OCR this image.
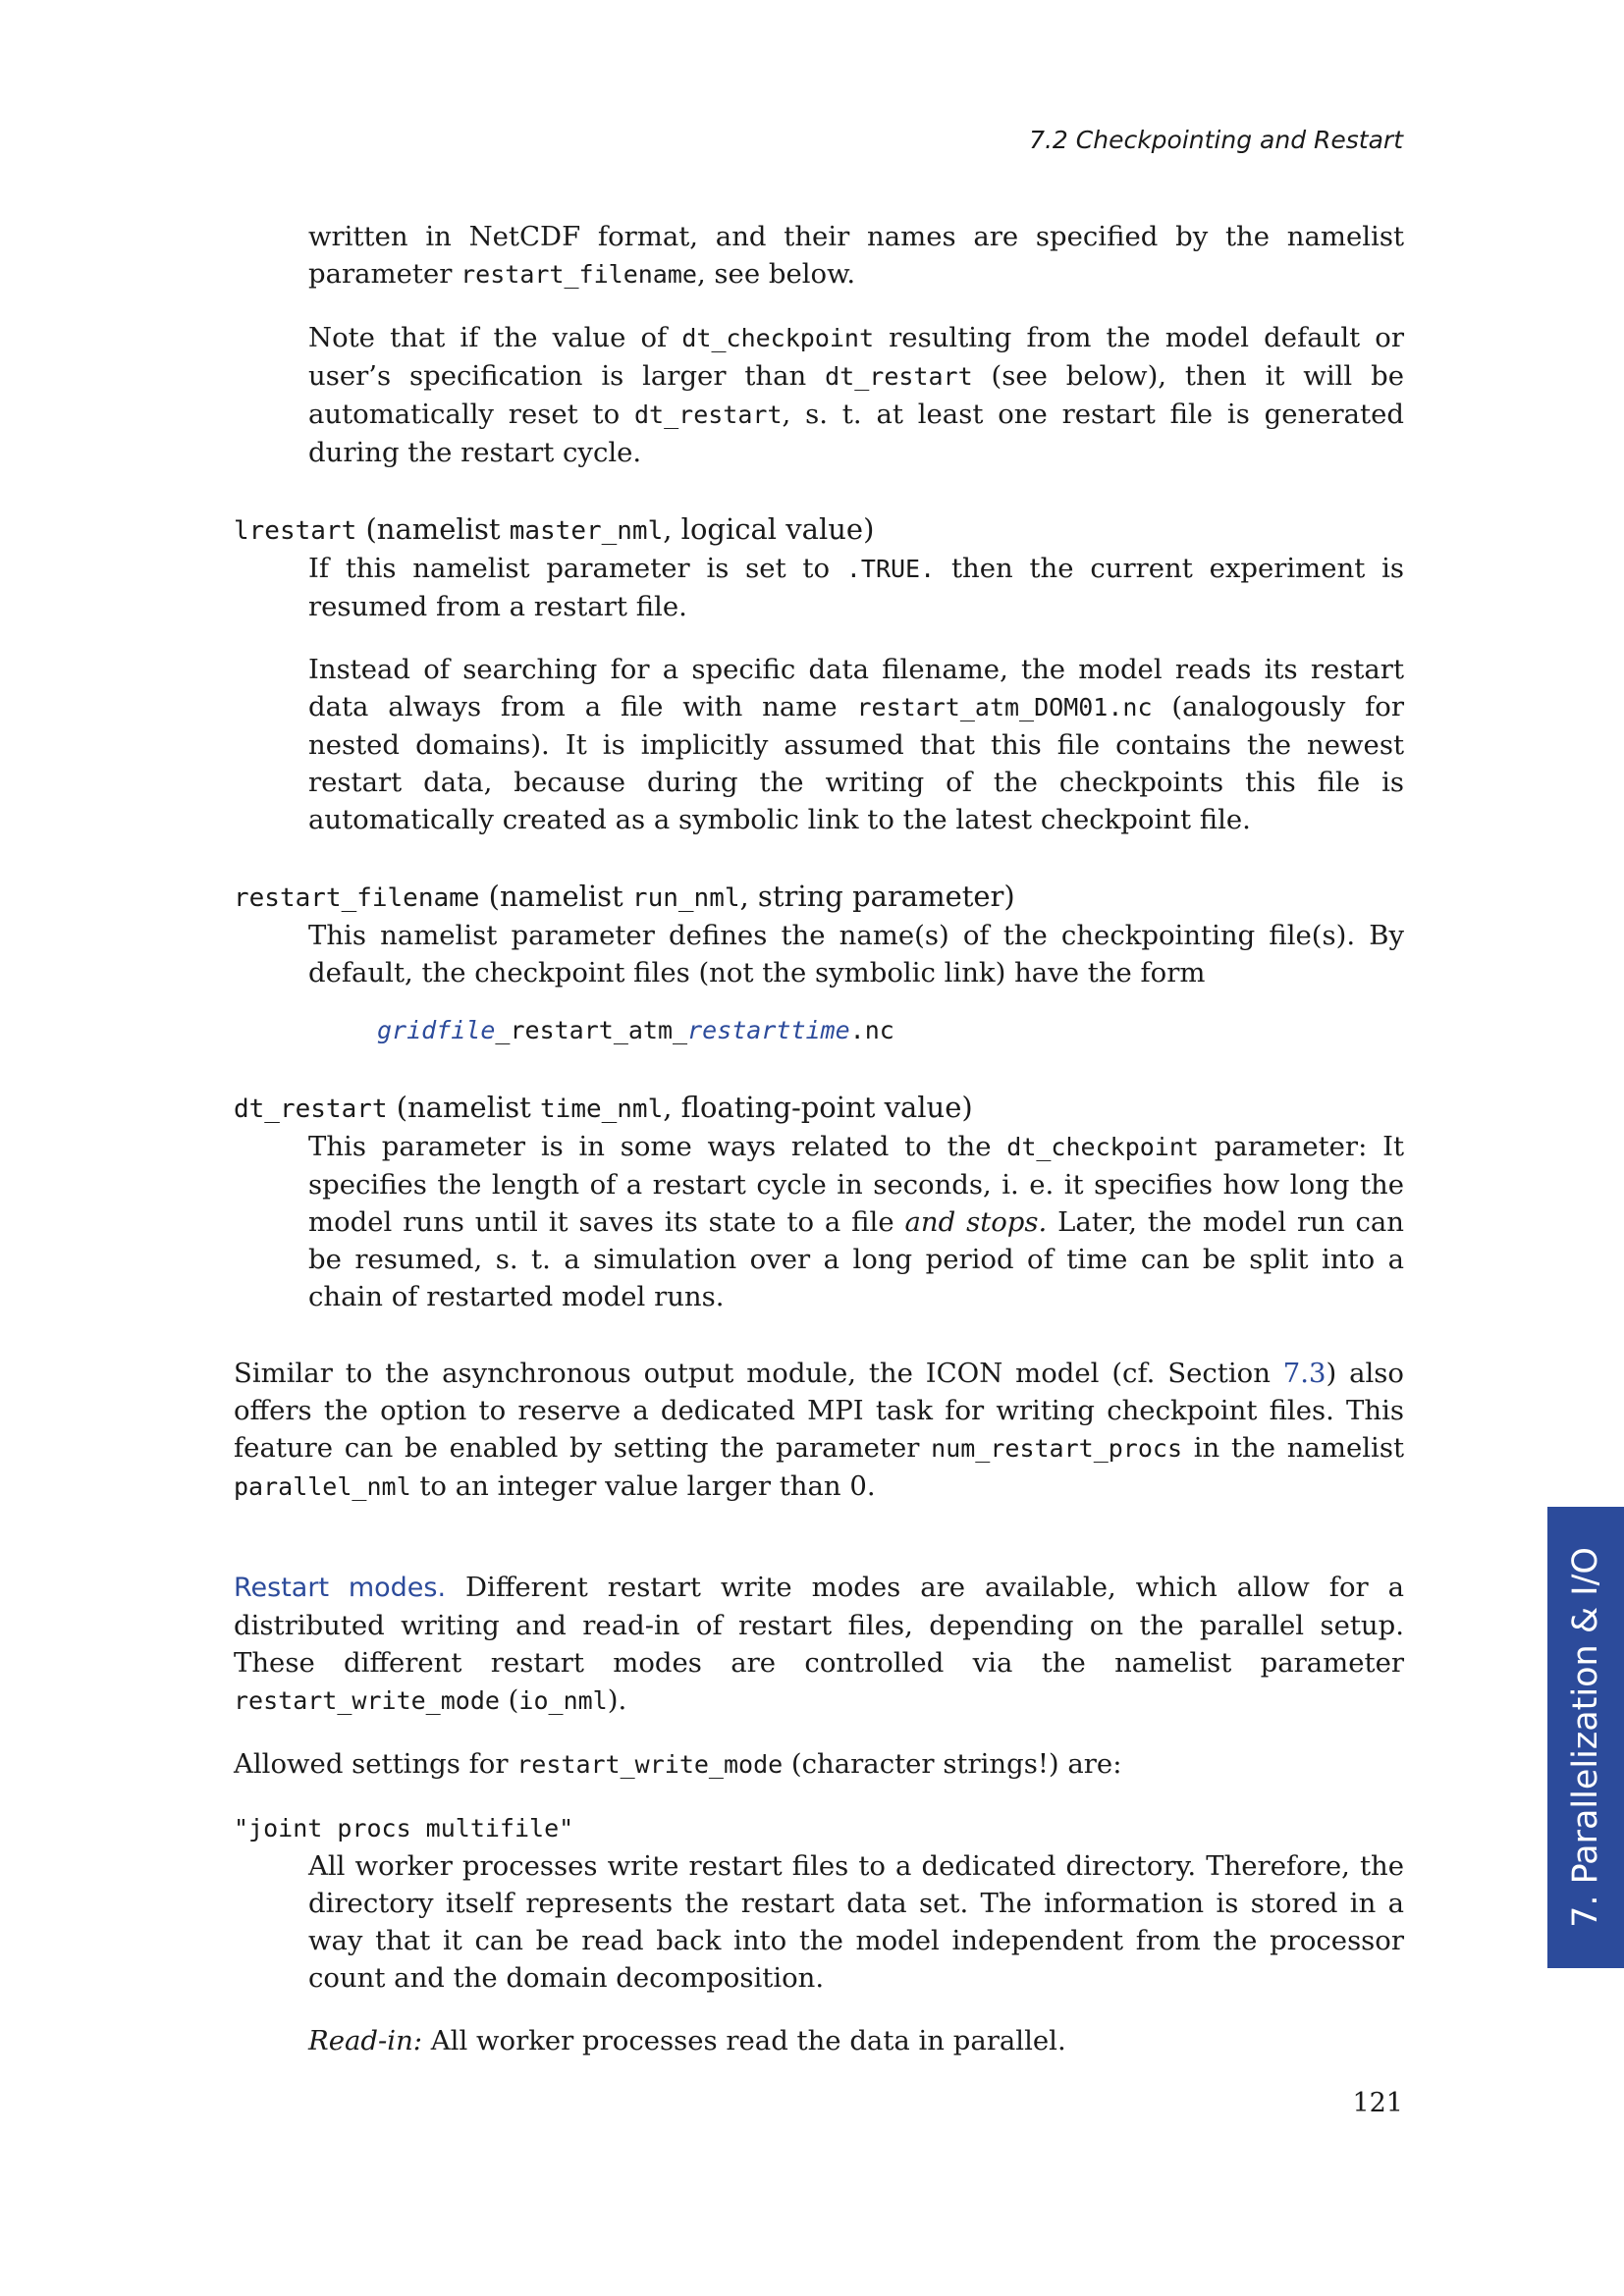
7.2 Checkpointing and Restart

written in NetCDF format, and their names are specified by the namelist parameter restart_filename, see below.

Note that if the value of dt_checkpoint resulting from the model default or user’s specification is larger than dt_restart (see below), then it will be automatically reset to dt_restart, s. t. at least one restart file is generated during the restart cycle.

lrestart (namelist master_nml, logical value)

If this namelist parameter is set to .TRUE. then the current experiment is resumed from a restart file.

Instead of searching for a specific data filename, the model reads its restart data always from a file with name restart_atm_DOM01.nc (analogously for nested domains). It is implicitly assumed that this file contains the newest restart data, because during the writing of the checkpoints this file is automatically created as a symbolic link to the latest checkpoint file.

restart_filename (namelist run_nml, string parameter)

This namelist parameter defines the name(s) of the checkpointing file(s). By default, the checkpoint files (not the symbolic link) have the form

gridfile_restart_atm_restarttime.nc

dt_restart (namelist time_nml, floating-point value)

This parameter is in some ways related to the dt_checkpoint parameter: It specifies the length of a restart cycle in seconds, i. e. it specifies how long the model runs until it saves its state to a file and stops. Later, the model run can be resumed, s. t. a simulation over a long period of time can be split into a chain of restarted model runs.

Similar to the asynchronous output module, the ICON model (cf. Section 7.3) also offers the option to reserve a dedicated MPI task for writing checkpoint files. This feature can be enabled by setting the parameter num_restart_procs in the namelist parallel_nml to an integer value larger than 0.

Restart modes. Different restart write modes are available, which allow for a distributed writing and read-in of restart files, depending on the parallel setup. These different restart modes are controlled via the namelist parameter restart_write_mode (io_nml).

Allowed settings for restart_write_mode (character strings!) are:

"joint procs multifile"

All worker processes write restart files to a dedicated directory. Therefore, the directory itself represents the restart data set. The information is stored in a way that it can be read back into the model independent from the processor count and the domain decomposition.

Read-in: All worker processes read the data in parallel.

7. Parallelization & I/O
121
